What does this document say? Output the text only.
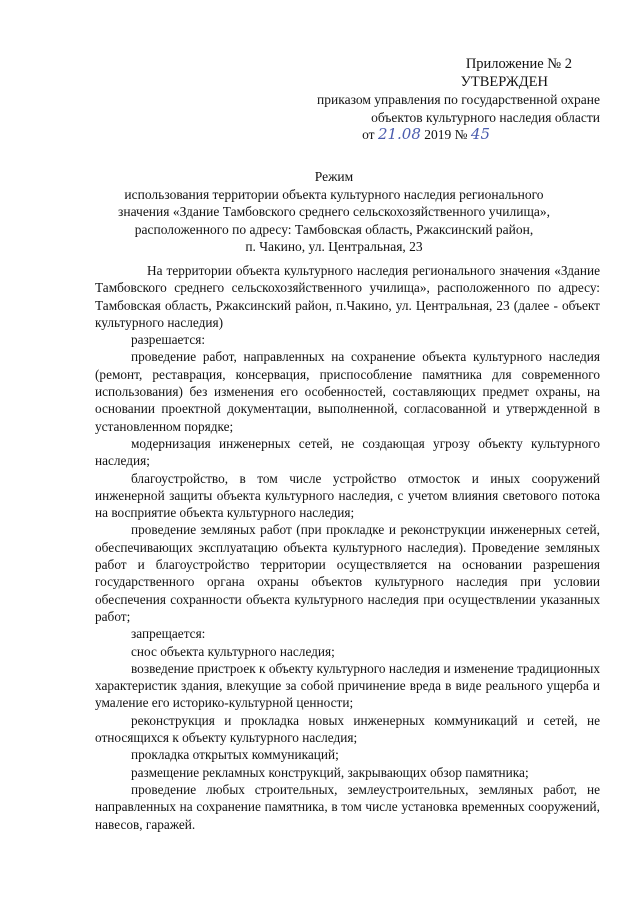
Приложение № 2
УТВЕРЖДЕН
приказом управления по государственной охране
объектов культурного наследия области
от 21.08 2019 № 45
Режим
использования территории объекта культурного наследия регионального
значения «Здание Тамбовского среднего сельскохозяйственного училища»,
расположенного по адресу: Тамбовская область, Ржаксинский район,
п. Чакино, ул. Центральная, 23

На территории объекта культурного наследия регионального значения «Здание Тамбовского среднего сельскохозяйственного училища», расположенного по адресу: Тамбовская область, Ржаксинский район, п.Чакино, ул. Центральная, 23 (далее - объект культурного наследия)

разрешается:

проведение работ, направленных на сохранение объекта культурного наследия (ремонт, реставрация, консервация, приспособление памятника для современного использования) без изменения его особенностей, составляющих предмет охраны, на основании проектной документации, выполненной, согласованной и утвержденной в установленном порядке;

модернизация инженерных сетей, не создающая угрозу объекту культурного наследия;

благоустройство, в том числе устройство отмосток и иных сооружений инженерной защиты объекта культурного наследия, с учетом влияния светового потока на восприятие объекта культурного наследия;

проведение земляных работ (при прокладке и реконструкции инженерных сетей, обеспечивающих эксплуатацию объекта культурного наследия). Проведение земляных работ и благоустройство территории осуществляется на основании разрешения государственного органа охраны объектов культурного наследия при условии обеспечения сохранности объекта культурного наследия при осуществлении указанных работ;

запрещается:

снос объекта культурного наследия;

возведение пристроек к объекту культурного наследия и изменение традиционных характеристик здания, влекущие за собой причинение вреда в виде реального ущерба и умаление его историко-культурной ценности;

реконструкция и прокладка новых инженерных коммуникаций и сетей, не относящихся к объекту культурного наследия;

прокладка открытых коммуникаций;

размещение рекламных конструкций, закрывающих обзор памятника;

проведение любых строительных, землеустроительных, земляных работ, не направленных на сохранение памятника, в том числе установка временных сооружений, навесов, гаражей.
